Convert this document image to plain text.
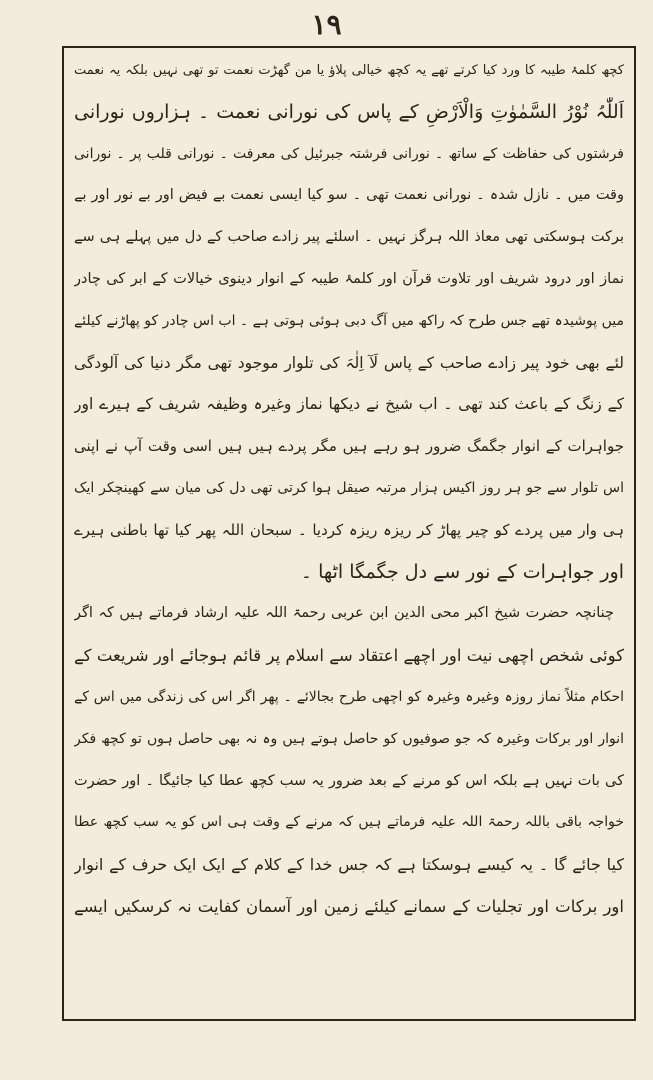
۱۹
کچھ کلمۂ طیبہ کا ورد کیا کرتے تھے یہ کچھ خیالی پلاؤ یا من گھڑت نعمت تو تھی نہیں بلکہ یہ نعمت
اَللّٰہُ نُوْرُ السَّمٰوٰتِ وَالْاَرْضِ کے پاس کی نورانی نعمت ۔ ہزاروں نورانی
فرشتوں کی حفاظت کے ساتھ ۔ نورانی فرشتہ جبرئیل کی معرفت ۔ نورانی قلب پر ۔ نورانی
وقت میں ۔ نازل شدہ ۔ نورانی نعمت تھی ۔ سو کیا ایسی نعمت بے فیض اور بے نور اور بے
برکت ہوسکتی تھی معاذ اللہ ہرگز نہیں ۔ اسلئے پیر زادے صاحب کے دل میں پہلے ہی سے
نماز اور درود شریف اور تلاوت قرآن اور کلمۂ طیبہ کے انوار دینوی خیالات کے ابر کی چادر
میں پوشیدہ تھے جس طرح کہ راکھ میں آگ دبی ہوئی ہوتی ہے ۔ اب اس چادر کو پھاڑنے کیلئے
لئے بھی خود پیر زادے صاحب کے پاس لَآ اِلٰہَ کی تلوار موجود تھی مگر دنیا کی آلودگی
کے زنگ کے باعث کند تھی ۔ اب شیخ نے دیکھا نماز وغیرہ وظیفہ شریف کے ہیرے اور
جواہرات کے انوار جگمگ ضرور ہو رہے ہیں مگر پردے ہیں ہیں اسی وقت آپ نے اپنی
اس تلوار سے جو ہر روز اکیس ہزار مرتبہ صیقل ہوا کرتی تھی دل کی میان سے کھینچکر ایک
ہی وار میں پردے کو چیر پھاڑ کر ریزہ ریزہ کردیا ۔ سبحان اللہ پھر کیا تھا باطنی ہیرے
اور جواہرات کے نور سے دل جگمگا اٹھا ۔
چنانچہ حضرت شیخ اکبر محی الدین ابن عربی رحمۃ اللہ علیہ ارشاد فرماتے ہیں کہ اگر
کوئی شخص اچھی نیت اور اچھے اعتقاد سے اسلام پر قائم ہوجائے اور شریعت کے
احکام مثلاً نماز روزہ وغیرہ وغیرہ کو اچھی طرح بجالائے ۔ پھر اگر اس کی زندگی میں اس کے
انوار اور برکات وغیرہ کہ جو صوفیوں کو حاصل ہوتے ہیں وہ نہ بھی حاصل ہوں تو کچھ فکر
کی بات نہیں ہے بلکہ اس کو مرنے کے بعد ضرور یہ سب کچھ عطا کیا جائیگا ۔ اور حضرت
خواجہ باقی باللہ رحمۃ اللہ علیہ فرماتے ہیں کہ مرنے کے وقت ہی اس کو یہ سب کچھ عطا
کیا جائے گا ۔ یہ کیسے ہوسکتا ہے کہ جس خدا کے کلام کے ایک ایک حرف کے انوار
اور برکات اور تجلیات کے سمانے کیلئے زمین اور آسمان کفایت نہ کرسکیں ایسے
